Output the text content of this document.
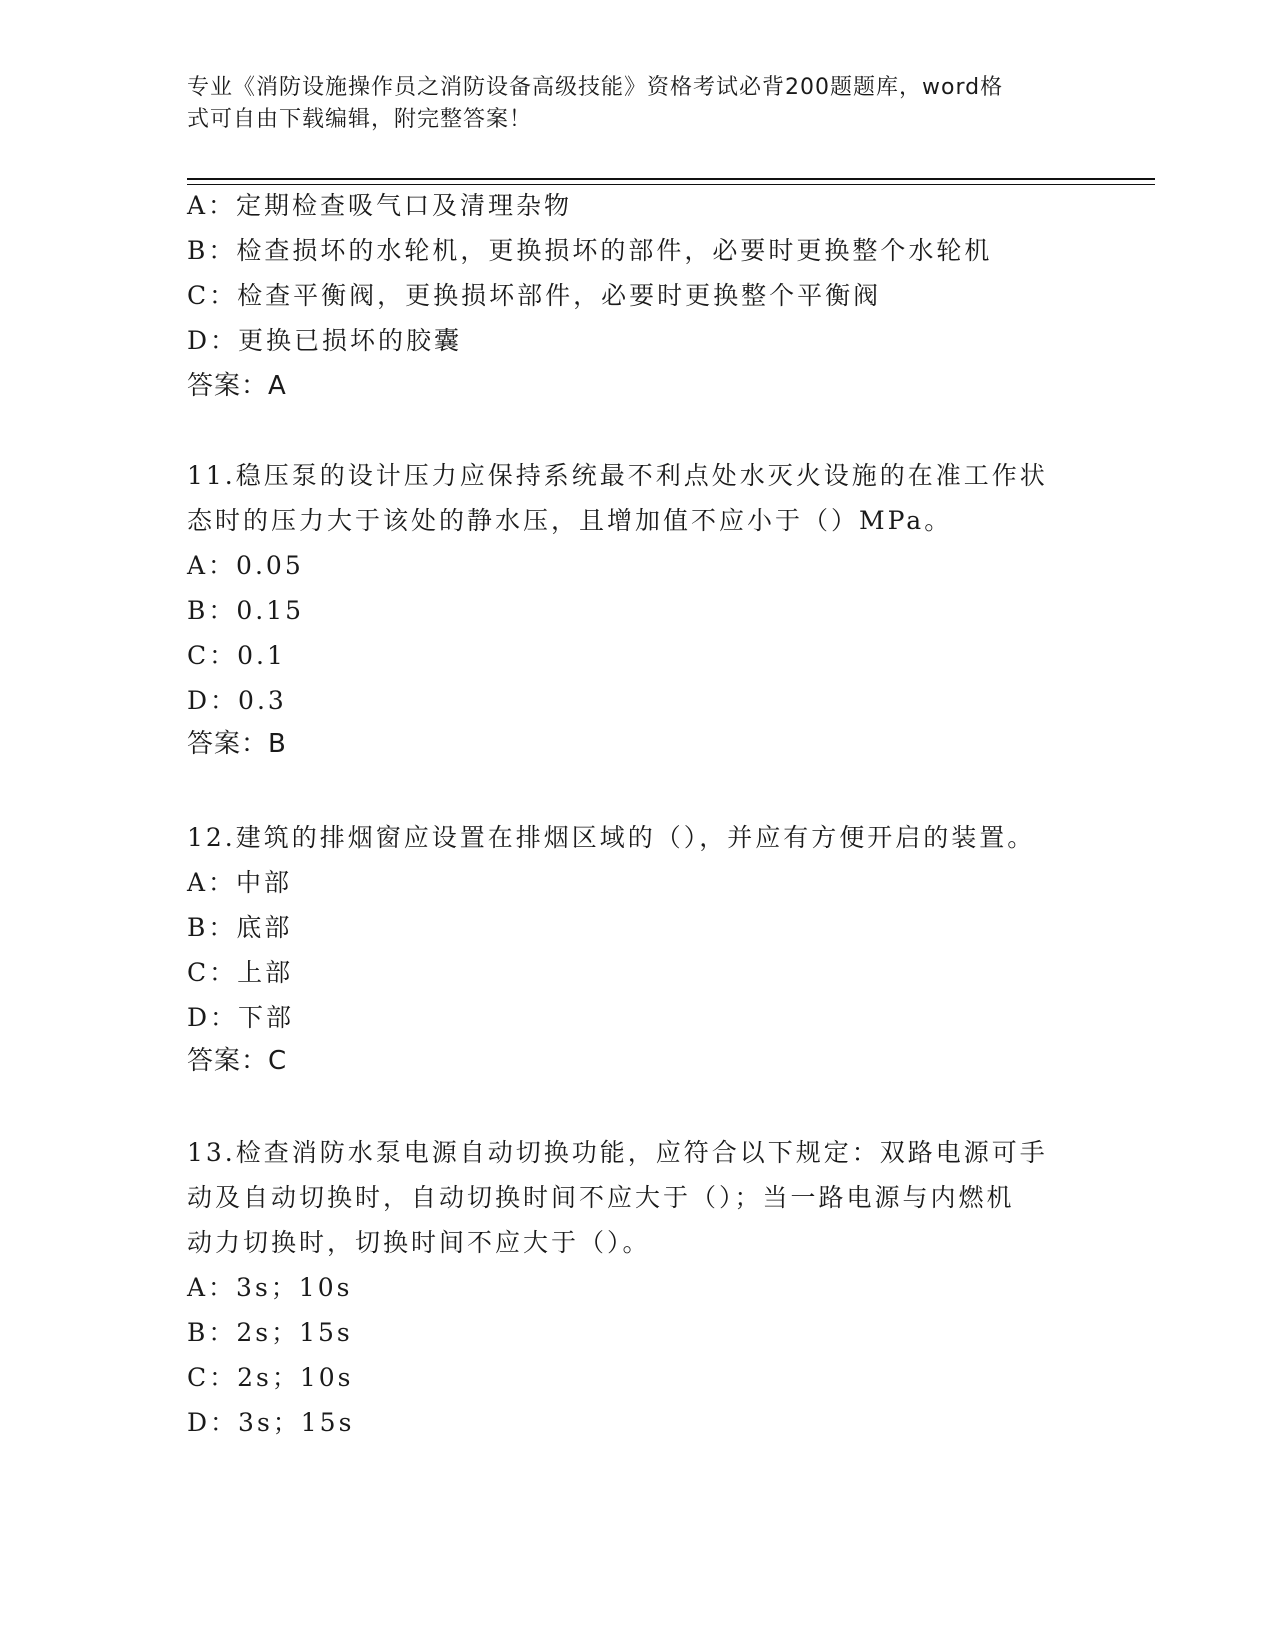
专业《消防设施操作员之消防设备高级技能》资格考试必背200题题库，word格
式可自由下载编辑，附完整答案！
A：定期检查吸气口及清理杂物
B：检查损坏的水轮机，更换损坏的部件，必要时更换整个水轮机
C：检查平衡阀，更换损坏部件，必要时更换整个平衡阀
D：更换已损坏的胶囊
答案：A
11.稳压泵的设计压力应保持系统最不利点处水灭火设施的在准工作状
态时的压力大于该处的静水压，且增加值不应小于（）MPa。
A：0.05
B：0.15
C：0.1
D：0.3
答案：B
12.建筑的排烟窗应设置在排烟区域的（），并应有方便开启的装置。
A：中部
B：底部
C：上部
D：下部
答案：C
13.检查消防水泵电源自动切换功能，应符合以下规定：双路电源可手
动及自动切换时，自动切换时间不应大于（）；当一路电源与内燃机
动力切换时，切换时间不应大于（）。
A：3s；10s
B：2s；15s
C：2s；10s
D：3s；15s
